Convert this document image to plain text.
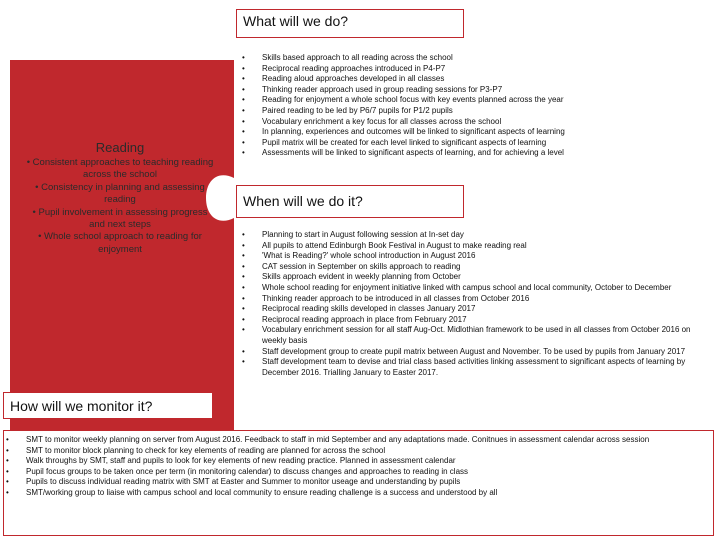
What will we do?
• Skills based approach to all reading across the school
• Reciprocal reading approaches introduced in P4-P7
• Reading aloud approaches developed in all classes
• Thinking reader approach used in group reading sessions for P3-P7
• Reading for enjoyment a whole school focus with key events planned across the year
• Paired reading to be led by P6/7 pupils for P1/2 pupils
• Vocabulary enrichment a key focus for all classes across the school
• In planning, experiences and outcomes will be linked to significant aspects of learning
• Pupil matrix will be created for each level linked to significant aspects of learning
• Assessments will be linked to significant aspects of learning, and for achieving a level
Reading
• Consistent approaches to teaching reading across the school
• Consistency in planning and assessing reading
• Pupil involvement in assessing progress and next steps
• Whole school approach to reading for enjoyment
When will we do it?
• Planning to start in August following session at In-set day
• All pupils to attend Edinburgh Book Festival in August to make reading real
• 'What is Reading?' whole school introduction in August 2016
• CAT session in September on skills approach to reading
• Skills approach evident in weekly planning from October
• Whole school reading for enjoyment initiative linked with campus school and local community, October to December
• Thinking reader approach to be introduced in all classes from October 2016
• Reciprocal reading skills developed in classes January 2017
• Reciprocal reading approach in place from February 2017
• Vocabulary enrichment session for all staff Aug-Oct. Midlothian framework to be used in all classes from October 2016 on weekly basis
• Staff development group to create pupil matrix between August and November. To be used by pupils from January 2017
• Staff development team to devise and trial class based activities linking assessment to significant aspects of learning by December 2016. Trialling January to Easter 2017.
How will we monitor it?
• SMT to monitor weekly planning on server from August 2016. Feedback to staff in mid September and any adaptations made. Conitnues in assessment calendar across session
• SMT to monitor block planning to check for key elements of reading are planned for across the school
• Walk throughs by SMT, staff and pupils to look for key elements of new reading practice. Planned in assessment calendar
• Pupil focus groups to be taken once per term (in monitoring calendar) to discuss changes and approaches to reading in class
• Pupils to discuss individual reading matrix with SMT at Easter and Summer to monitor useage and understanding by pupils
• SMT/working group to liaise with campus school and local community to ensure reading challenge is a success and understood by all
